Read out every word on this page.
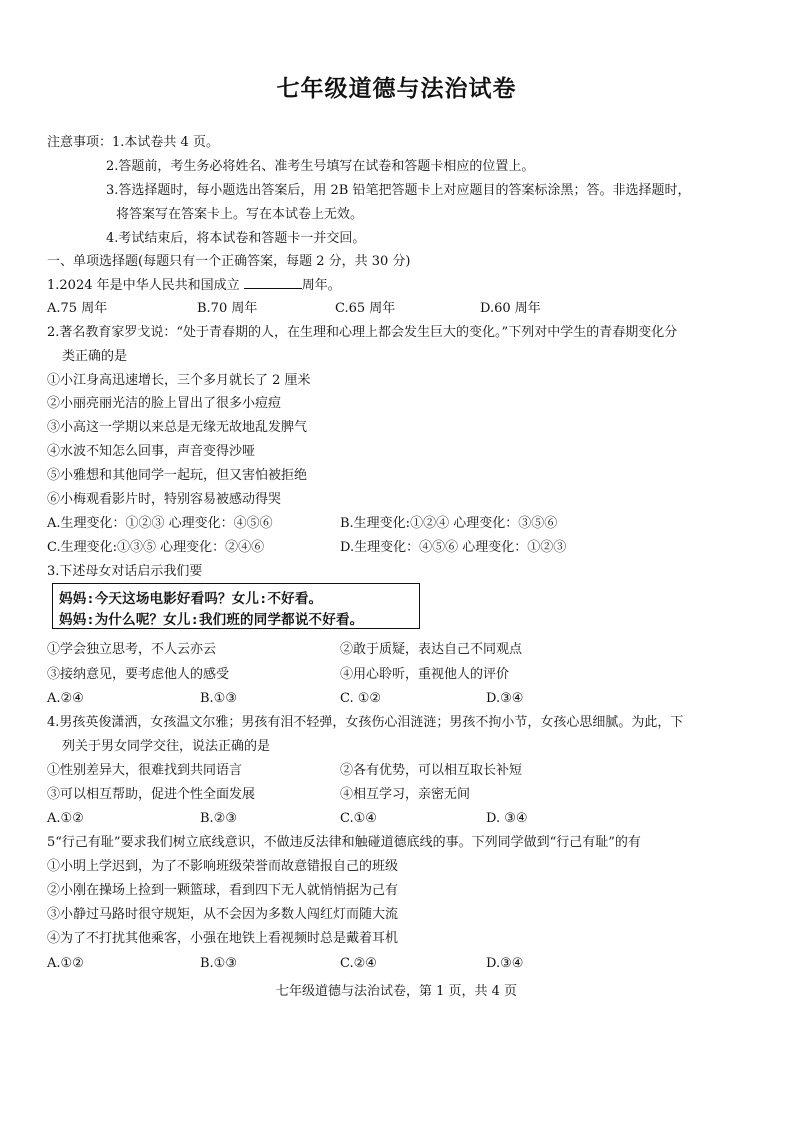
七年级道德与法治试卷
注意事项：1.本试卷共 4 页。
2.答题前，考生务必将姓名、准考生号填写在试卷和答题卡相应的位置上。
3.答选择题时，每小题选出答案后，用 2B 铅笔把答题卡上对应题目的答案标涂黑；答。非选择题时，
将答案写在答案卡上。写在本试卷上无效。
4.考试结束后，将本试卷和答题卡一并交回。
一、单项选择题(每题只有一个正确答案，每题 2 分，共 30 分)
1.2024 年是中华人民共和国成立	周年。
A.75 周年	B.70 周年	C.65 周年	D.60 周年
2.著名教育家罗戈说：“处于青春期的人，在生理和心理上都会发生巨大的变化。”下列对中学生的青春期变化分
类正确的是
①小江身高迅速增长，三个多月就长了 2 厘米
②小丽亮丽光洁的脸上冒出了很多小痘痘
③小高这一学期以来总是无缘无故地乱发脾气
④水波不知怎么回事，声音变得沙哑
⑤小雅想和其他同学一起玩，但又害怕被拒绝
⑥小梅观看影片时，特别容易被感动得哭
A.生理变化：①②③ 心理变化：④⑤⑥	B.生理变化:①②④ 心理变化：③⑤⑥
C.生理变化:①③⑤ 心理变化：②④⑥	D.生理变化：④⑤⑥ 心理变化：①②③
3.下述母女对话启示我们要
妈妈:今天这场电影好看吗？女儿:不好看。
妈妈:为什么呢？女儿:我们班的同学都说不好看。
①学会独立思考，不人云亦云	②敢于质疑，表达自己不同观点
③接纳意见，要考虑他人的感受	④用心聆听，重视他人的评价
A.②④	B.①③	C. ①②	D.③④
4.男孩英俊潇洒，女孩温文尔雅；男孩有泪不轻弹，女孩伤心泪涟涟；男孩不拘小节，女孩心思细腻。为此，下
列关于男女同学交往，说法正确的是
①性别差异大，很难找到共同语言	②各有优势，可以相互取长补短
③可以相互帮助，促进个性全面发展	④相互学习，亲密无间
A.①②	B.②③	C.①④	D. ③④
5“行己有耻”要求我们树立底线意识，不做违反法律和触碰道德底线的事。下列同学做到“行己有耻”的有
①小明上学迟到，为了不影响班级荣誉而故意错报自己的班级
②小刚在操场上捡到一颗篮球，看到四下无人就悄悄据为己有
③小静过马路时很守规矩，从不会因为多数人闯红灯而随大流
④为了不打扰其他乘客，小强在地铁上看视频时总是戴着耳机
A.①②	B.①③	C.②④	D.③④
七年级道德与法治试卷，第 1 页，共 4 页
